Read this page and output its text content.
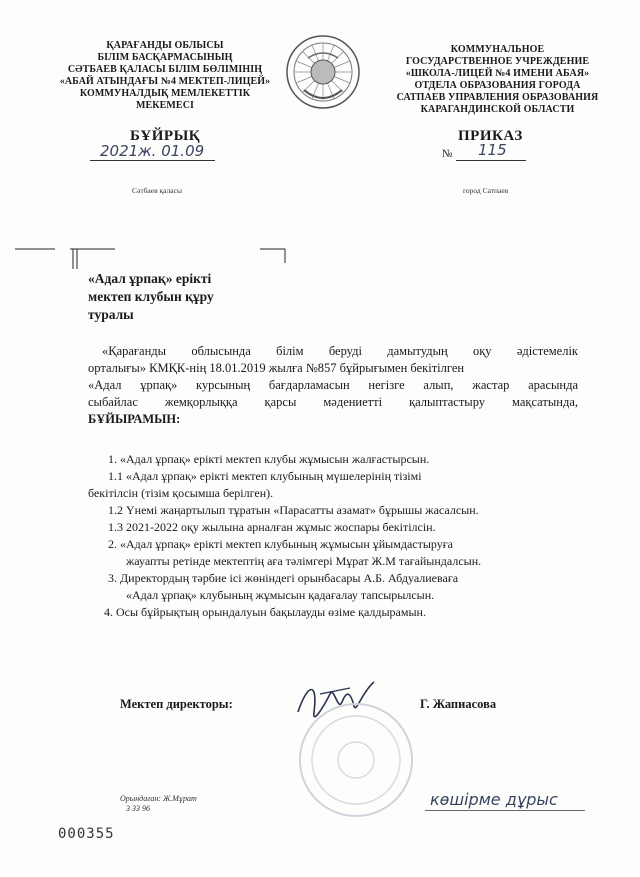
ҚАРАҒАНДЫ ОБЛЫСЫ
БІЛІМ БАСҚАРМАСЫНЫҢ
СӘТБАЕВ ҚАЛАСЫ БІЛІМ БӨЛІМІНІҢ
«АБАЙ АТЫНДАҒЫ №4 МЕКТЕП-ЛИЦЕЙ»
КОММУНАЛДЫҚ МЕМЛЕКЕТТІК
МЕКЕМЕСІ
КОММУНАЛЬНОЕ
ГОСУДАРСТВЕННОЕ УЧРЕЖДЕНИЕ
«ШКОЛА-ЛИЦЕЙ №4 ИМЕНИ АБАЯ»
ОТДЕЛА ОБРАЗОВАНИЯ ГОРОДА
САТПАЕВ УПРАВЛЕНИЯ ОБРАЗОВАНИЯ
КАРАГАНДИНСКОЙ ОБЛАСТИ
БҰЙРЫҚ	ПРИКАЗ
2021ж. 01.09	№ 115
Сәтбаев қаласы	город Сатпаев
«Адал ұрпақ» ерікті
мектеп клубын құру
туралы
«Қарағанды облысында білім беруді дамытудың оқу әдістемелік
орталығы» КМҚК-нің 18.01.2019 жылға №857 бұйрығымен бекітілген
«Адал ұрпақ» курсының бағдарламасын негізге алып, жастар арасында
сыбайлас жемқорлыққа қарсы мәдениетті қалыптастыру мақсатында,
БҰЙЫРАМЫН:
1. «Адал ұрпақ» ерікті мектеп клубы жұмысын жалғастырсын.
1.1 «Адал ұрпақ» ерікті мектеп клубының мүшелерінің тізімі
бекітілсін (тізім қосымша берілген).
1.2 Үнемі жаңартылып тұратын «Парасатты азамат» бұрышы жасалсын.
1.3 2021-2022 оқу жылына арналған жұмыс жоспары бекітілсін.
2. «Адал ұрпақ» ерікті мектеп клубының жұмысын ұйымдастыруға
жауапты ретінде мектептің аға тәлімгері Мұрат Ж.М тағайындалсын.
3. Директордың тәрбие ісі жөніндегі орынбасары А.Б. Абдуалиеваға
«Адал ұрпақ» клубының жұмысын қадағалау тапсырылсын.
4. Осы бұйрықтың орындалуын бақылауды өзіме қалдырамын.
Мектеп директоры:	Г. Жапиасова
көшірме дұрыс
Орындаған: Ж.Мұрат
3 33 96
000355
